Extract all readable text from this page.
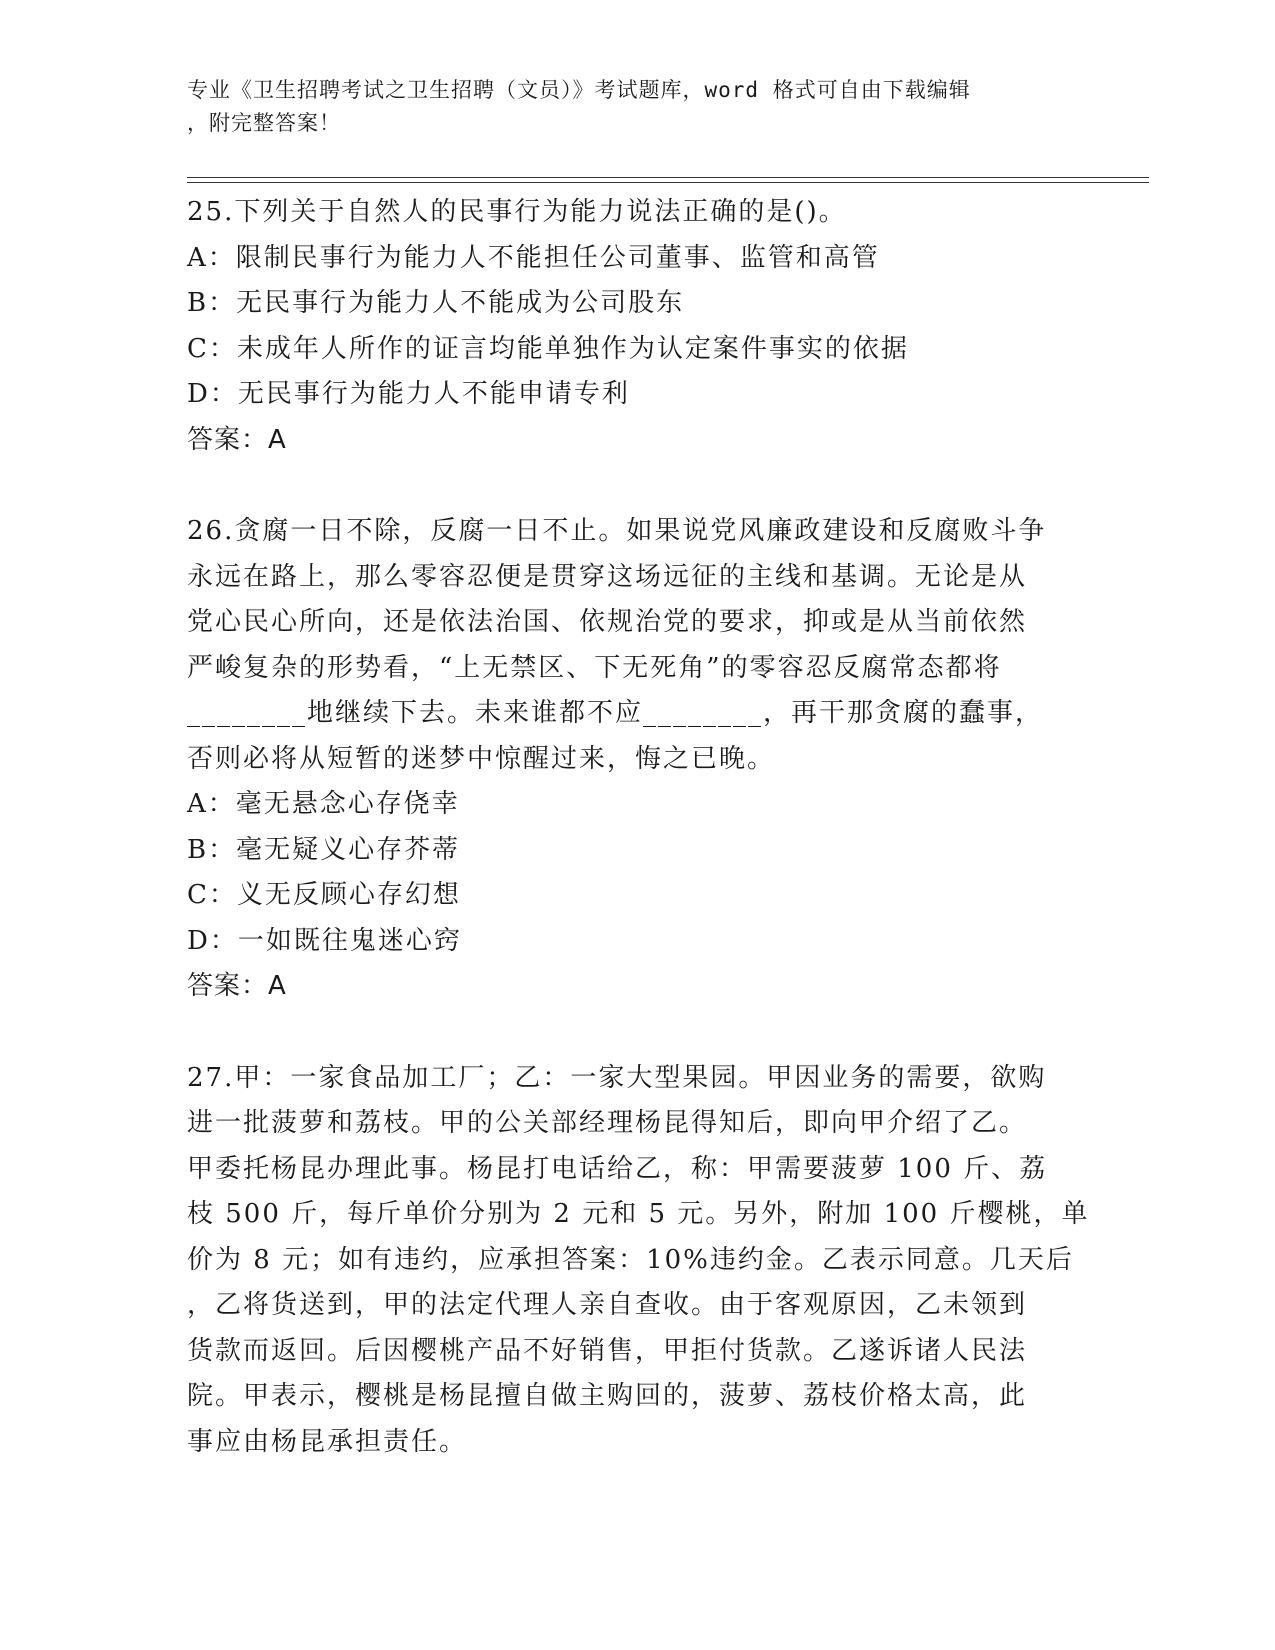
专业《卫生招聘考试之卫生招聘（文员）》考试题库，word 格式可自由下载编辑
，附完整答案！
25.下列关于自然人的民事行为能力说法正确的是()。
A：限制民事行为能力人不能担任公司董事、监管和高管
B：无民事行为能力人不能成为公司股东
C：未成年人所作的证言均能单独作为认定案件事实的依据
D：无民事行为能力人不能申请专利
答案：A
26.贪腐一日不除，反腐一日不止。如果说党风廉政建设和反腐败斗争
永远在路上，那么零容忍便是贯穿这场远征的主线和基调。无论是从
党心民心所向，还是依法治国、依规治党的要求，抑或是从当前依然
严峻复杂的形势看，“上无禁区、下无死角”的零容忍反腐常态都将
________地继续下去。未来谁都不应________，再干那贪腐的蠢事，
否则必将从短暂的迷梦中惊醒过来，悔之已晚。
A：毫无悬念心存侥幸
B：毫无疑义心存芥蒂
C：义无反顾心存幻想
D：一如既往鬼迷心窍
答案：A
27.甲：一家食品加工厂；乙：一家大型果园。甲因业务的需要，欲购
进一批菠萝和荔枝。甲的公关部经理杨昆得知后，即向甲介绍了乙。
甲委托杨昆办理此事。杨昆打电话给乙，称：甲需要菠萝 100 斤、荔
枝 500 斤，每斤单价分别为 2 元和 5 元。另外，附加 100 斤樱桃，单
价为 8 元；如有违约，应承担答案：10%违约金。乙表示同意。几天后
，乙将货送到，甲的法定代理人亲自查收。由于客观原因，乙未领到
货款而返回。后因樱桃产品不好销售，甲拒付货款。乙遂诉诸人民法
院。甲表示，樱桃是杨昆擅自做主购回的，菠萝、荔枝价格太高，此
事应由杨昆承担责任。
